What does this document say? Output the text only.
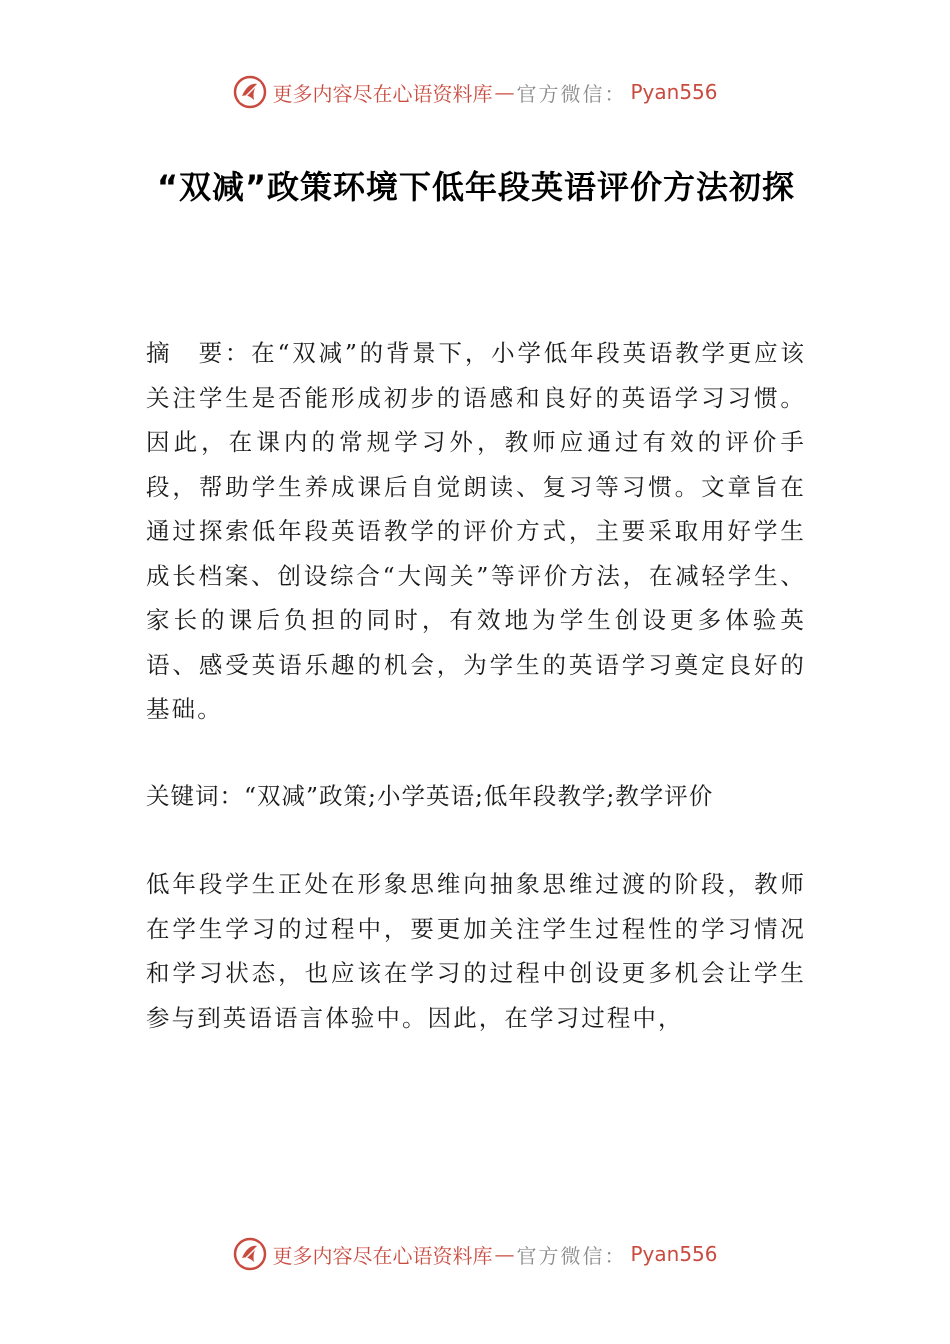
更多内容尽在心语资料库 — 官方微信： Pyan556
“双减”政策环境下低年段英语评价方法初探

摘　要：在“双减”的背景下，小学低年段英语教学更应该关注学生是否能形成初步的语感和良好的英语学习习惯。因此，在课内的常规学习外，教师应通过有效的评价手段，帮助学生养成课后自觉朗读、复习等习惯。文章旨在通过探索低年段英语教学的评价方式，主要采取用好学生成长档案、创设综合“大闯关”等评价方法，在减轻学生、家长的课后负担的同时，有效地为学生创设更多体验英语、感受英语乐趣的机会，为学生的英语学习奠定良好的基础。

关键词：“双减”政策;小学英语;低年段教学;教学评价

低年段学生正处在形象思维向抽象思维过渡的阶段，教师在学生学习的过程中，要更加关注学生过程性的学习情况和学习状态，也应该在学习的过程中创设更多机会让学生参与到英语语言体验中。因此，在学习过程中，

更多内容尽在心语资料库 — 官方微信： Pyan556
